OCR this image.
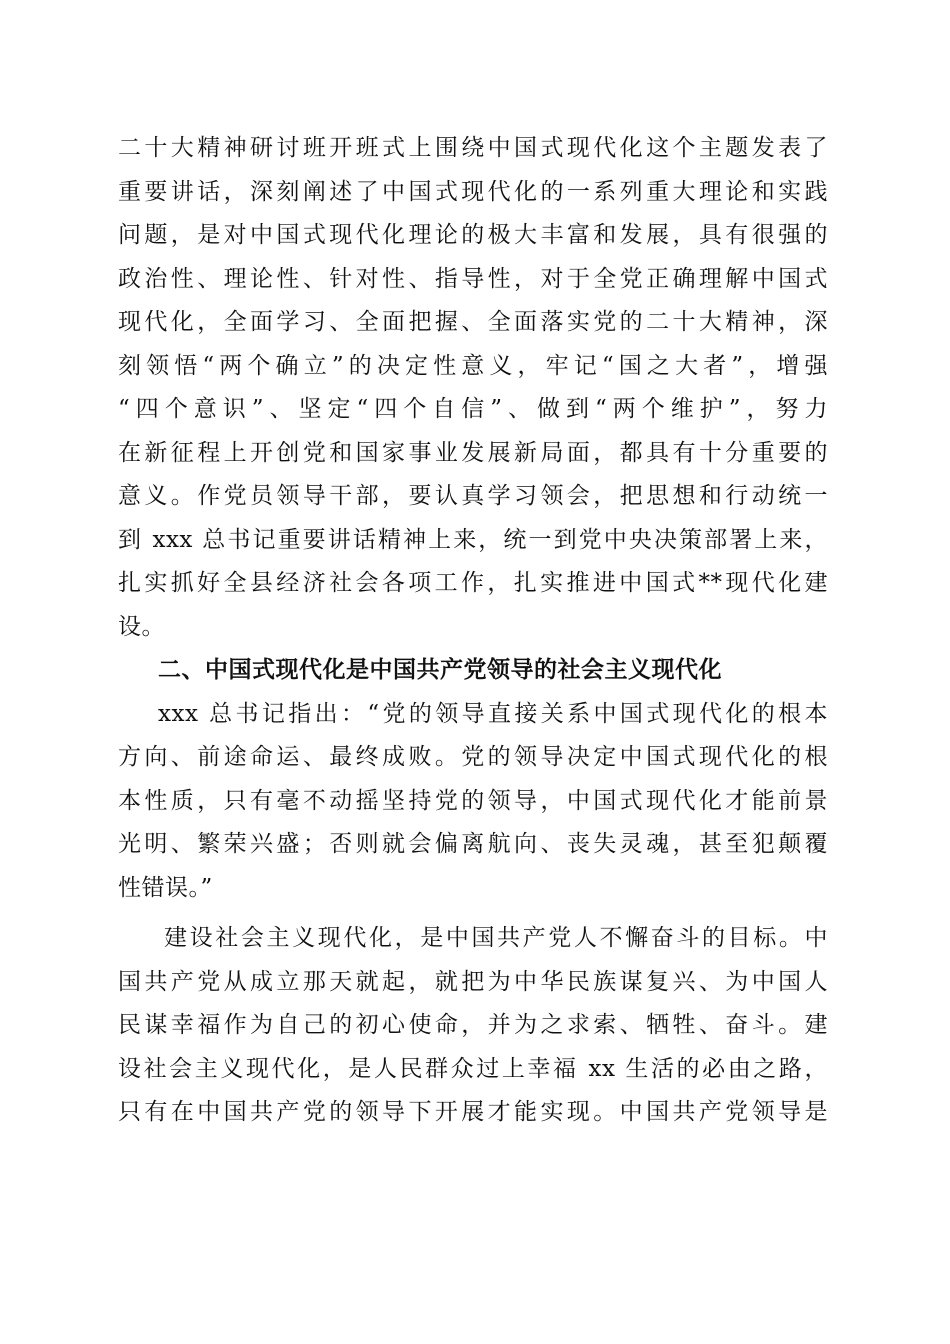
二十大精神研讨班开班式上围绕中国式现代化这个主题发表了
重要讲话，深刻阐述了中国式现代化的一系列重大理论和实践
问题，是对中国式现代化理论的极大丰富和发展，具有很强的
政治性、理论性、针对性、指导性，对于全党正确理解中国式
现代化，全面学习、全面把握、全面落实党的二十大精神，深
刻领悟“两个确立”的决定性意义，牢记“国之大者”，增强
“四个意识”、坚定“四个自信”、做到“两个维护”，努力
在新征程上开创党和国家事业发展新局面，都具有十分重要的
意义。作党员领导干部，要认真学习领会，把思想和行动统一
到 xxx 总书记重要讲话精神上来，统一到党中央决策部署上来，
扎实抓好全县经济社会各项工作，扎实推进中国式**现代化建
设。
二、中国式现代化是中国共产党领导的社会主义现代化
xxx 总书记指出：“党的领导直接关系中国式现代化的根本
方向、前途命运、最终成败。党的领导决定中国式现代化的根
本性质，只有毫不动摇坚持党的领导，中国式现代化才能前景
光明、繁荣兴盛；否则就会偏离航向、丧失灵魂，甚至犯颠覆
性错误。”
建设社会主义现代化，是中国共产党人不懈奋斗的目标。中
国共产党从成立那天就起，就把为中华民族谋复兴、为中国人
民谋幸福作为自己的初心使命，并为之求索、牺牲、奋斗。建
设社会主义现代化，是人民群众过上幸福 xx 生活的必由之路，
只有在中国共产党的领导下开展才能实现。中国共产党领导是
